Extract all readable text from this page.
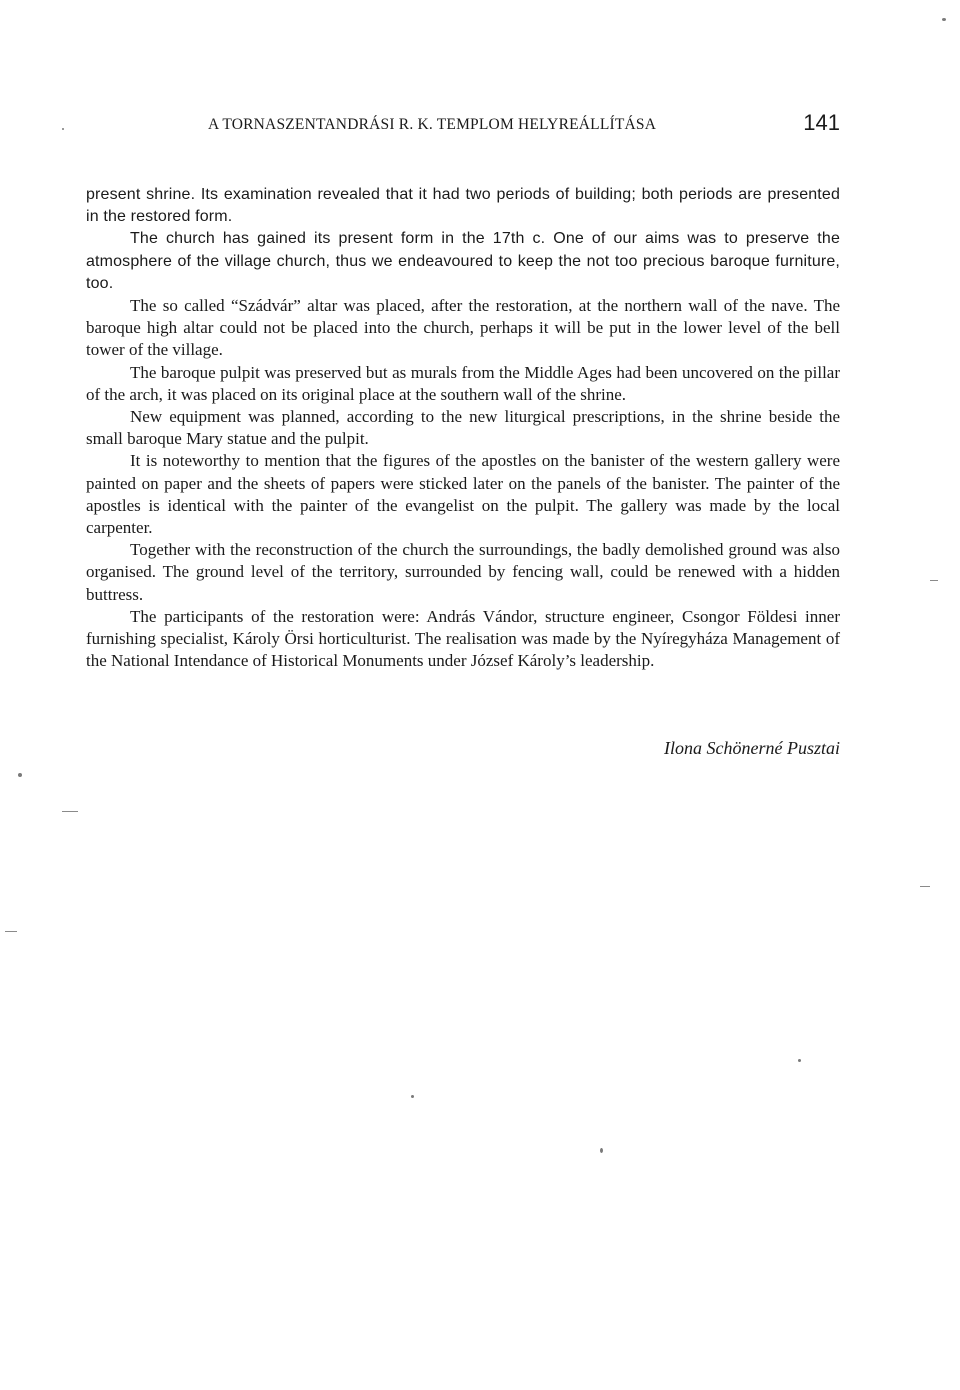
A TORNASZENTANDRÁSI R. K. TEMPLOM HELYREÁLLÍTÁSA	141

present shrine. Its examination revealed that it had two periods of building; both periods are presented in the restored form.

The church has gained its present form in the 17th c. One of our aims was to preserve the atmosphere of the village church, thus we endeavoured to keep the not too precious baroque furniture, too.

The so called “Szádvár” altar was placed, after the restoration, at the northern wall of the nave. The baroque high altar could not be placed into the church, perhaps it will be put in the lower level of the bell tower of the village.

The baroque pulpit was preserved but as murals from the Middle Ages had been uncovered on the pillar of the arch, it was placed on its original place at the southern wall of the shrine.

New equipment was planned, according to the new liturgical prescriptions, in the shrine beside the small baroque Mary statue and the pulpit.

It is noteworthy to mention that the figures of the apostles on the banister of the western gallery were painted on paper and the sheets of papers were sticked later on the panels of the banister. The painter of the apostles is identical with the painter of the evangelist on the pulpit. The gallery was made by the local carpenter.

Together with the reconstruction of the church the surroundings, the badly demolished ground was also organised. The ground level of the territory, surrounded by fencing wall, could be renewed with a hidden buttress.

The participants of the restoration were: András Vándor, structure engineer, Csongor Földesi inner furnishing specialist, Károly Örsi horticulturist. The realisation was made by the Nyíregyháza Management of the National Intendance of Historical Monuments under József Károly’s leadership.

Ilona Schönerné Pusztai
